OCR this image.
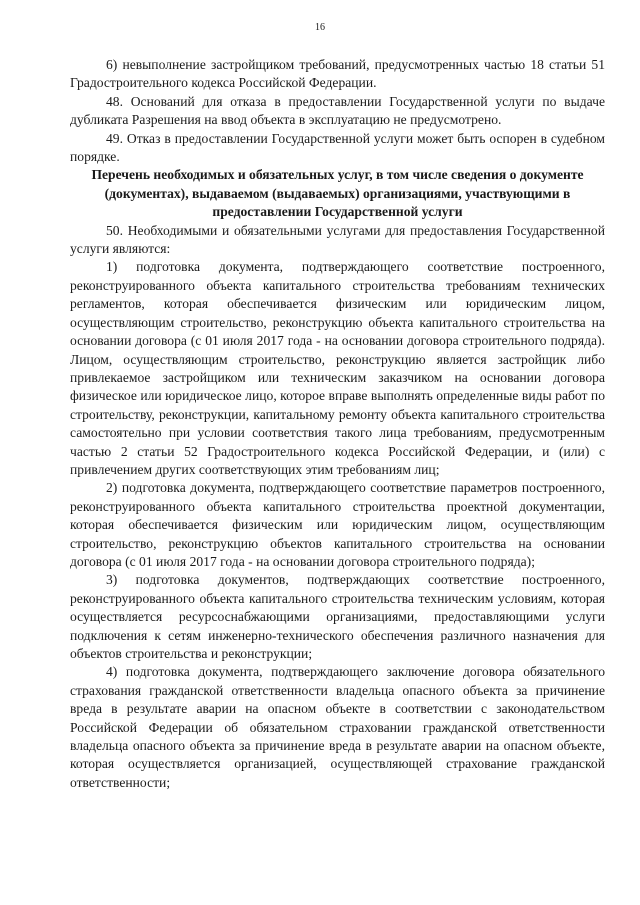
16

6) невыполнение застройщиком требований, предусмотренных частью 18 статьи 51 Градостроительного кодекса Российской Федерации.

48. Оснований для отказа в предоставлении Государственной услуги по выдаче дубликата Разрешения на ввод объекта в эксплуатацию не предусмотрено.

49. Отказ в предоставлении Государственной услуги может быть оспорен в судебном порядке.

Перечень необходимых и обязательных услуг, в том числе сведения о документе (документах), выдаваемом (выдаваемых) организациями, участвующими в предоставлении Государственной услуги

50. Необходимыми и обязательными услугами для предоставления Государственной услуги являются:

1) подготовка документа, подтверждающего соответствие построенного, реконструированного объекта капитального строительства требованиям технических регламентов, которая обеспечивается физическим или юридическим лицом, осуществляющим строительство, реконструкцию объекта капитального строительства на основании договора (с 01 июля 2017 года - на основании договора строительного подряда). Лицом, осуществляющим строительство, реконструкцию является застройщик либо привлекаемое застройщиком или техническим заказчиком на основании договора физическое или юридическое лицо, которое вправе выполнять определенные виды работ по строительству, реконструкции, капитальному ремонту объекта капитального строительства самостоятельно при условии соответствия такого лица требованиям, предусмотренным частью 2 статьи 52 Градостроительного кодекса Российской Федерации, и (или) с привлечением других соответствующих этим требованиям лиц;

2) подготовка документа, подтверждающего соответствие параметров построенного, реконструированного объекта капитального строительства проектной документации, которая обеспечивается физическим или юридическим лицом, осуществляющим строительство, реконструкцию объектов капитального строительства на основании договора (с 01 июля 2017 года - на основании договора строительного подряда);

3) подготовка документов, подтверждающих соответствие построенного, реконструированного объекта капитального строительства техническим условиям, которая осуществляется ресурсоснабжающими организациями, предоставляющими услуги подключения к сетям инженерно-технического обеспечения различного назначения для объектов строительства и реконструкции;

4) подготовка документа, подтверждающего заключение договора обязательного страхования гражданской ответственности владельца опасного объекта за причинение вреда в результате аварии на опасном объекте в соответствии с законодательством Российской Федерации об обязательном страховании гражданской ответственности владельца опасного объекта за причинение вреда в результате аварии на опасном объекте, которая осуществляется организацией, осуществляющей страхование гражданской ответственности;
